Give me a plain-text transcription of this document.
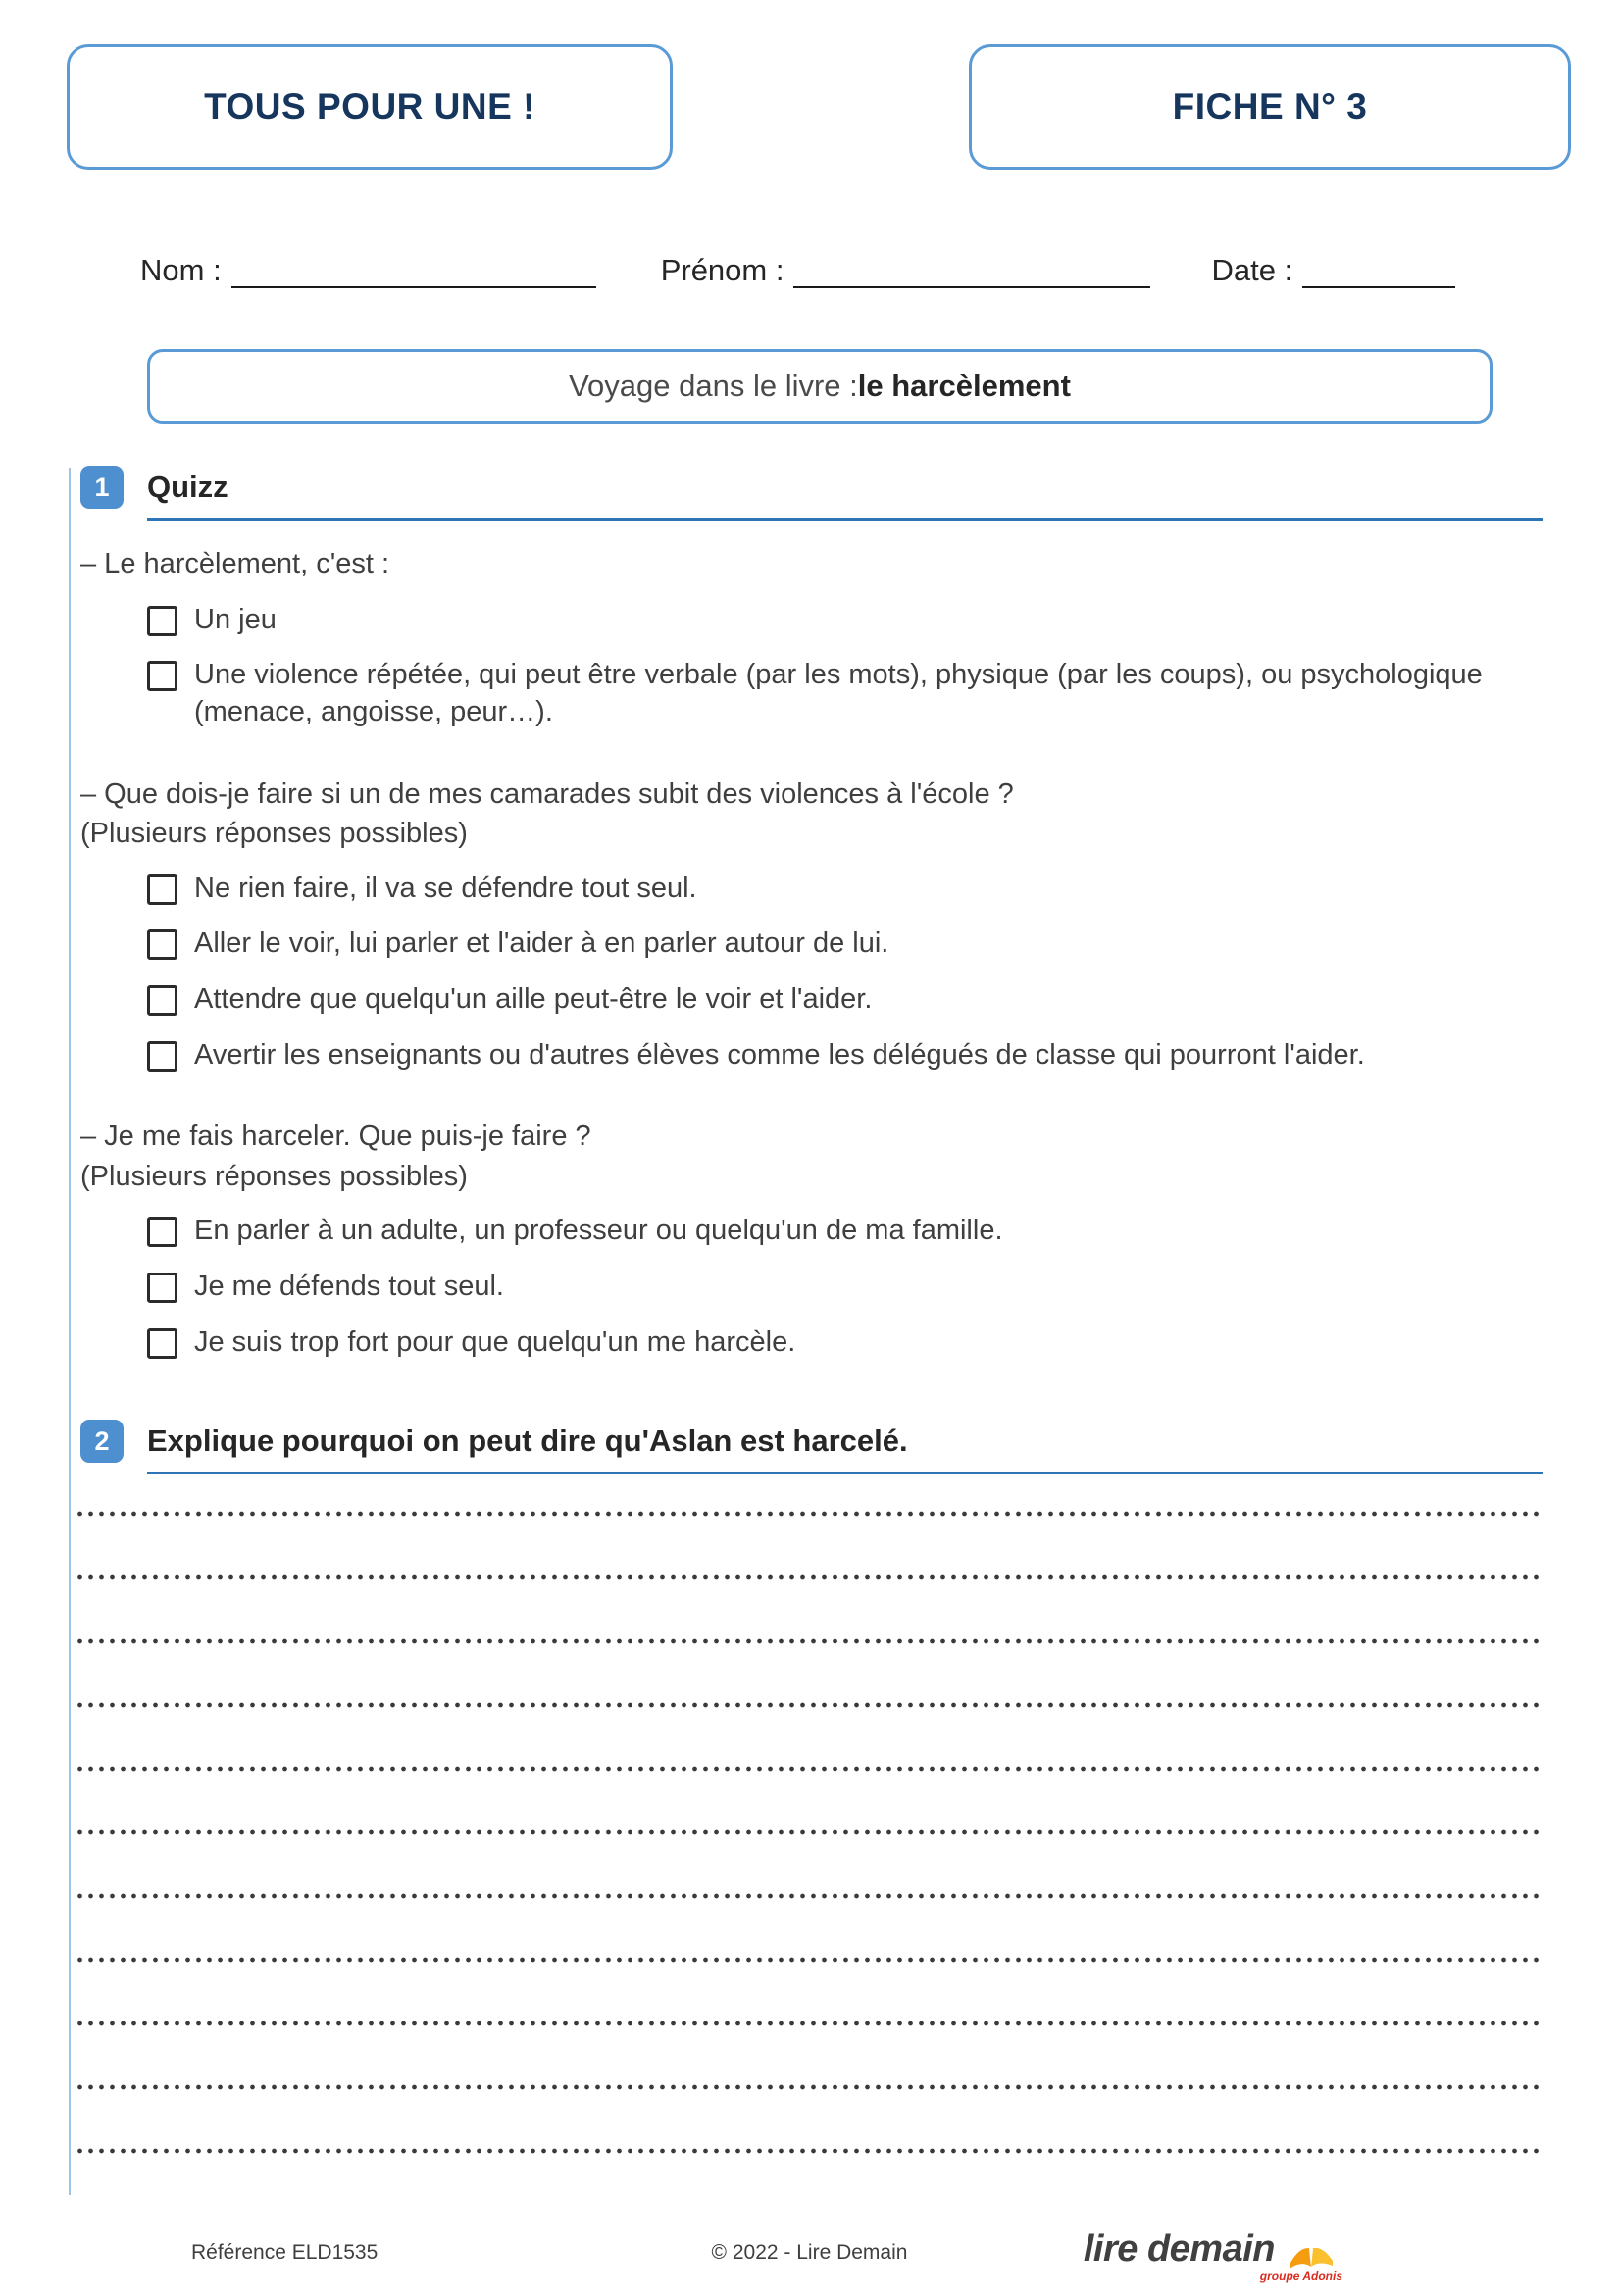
TOUS POUR UNE !	FICHE N° 3
Nom :	Prénom :	Date :
Voyage dans le livre : le harcèlement
1	Quizz
– Le harcèlement, c'est :
Un jeu
Une violence répétée, qui peut être verbale (par les mots), physique (par les coups), ou psychologique (menace, angoisse, peur…).
– Que dois-je faire si un de mes camarades subit des violences à l'école ?
(Plusieurs réponses possibles)
Ne rien faire, il va se défendre tout seul.
Aller le voir, lui parler et l'aider à en parler autour de lui.
Attendre que quelqu'un aille peut-être le voir et l'aider.
Avertir les enseignants ou d'autres élèves comme les délégués de classe qui pourront l'aider.
– Je me fais harceler. Que puis-je faire ?
(Plusieurs réponses possibles)
En parler à un adulte, un professeur ou quelqu'un de ma famille.
Je me défends tout seul.
Je suis trop fort pour que quelqu'un me harcèle.
2	Explique pourquoi on peut dire qu'Aslan est harcelé.
Référence ELD1535	© 2022 - Lire Demain	lire demain
groupe Adonis
